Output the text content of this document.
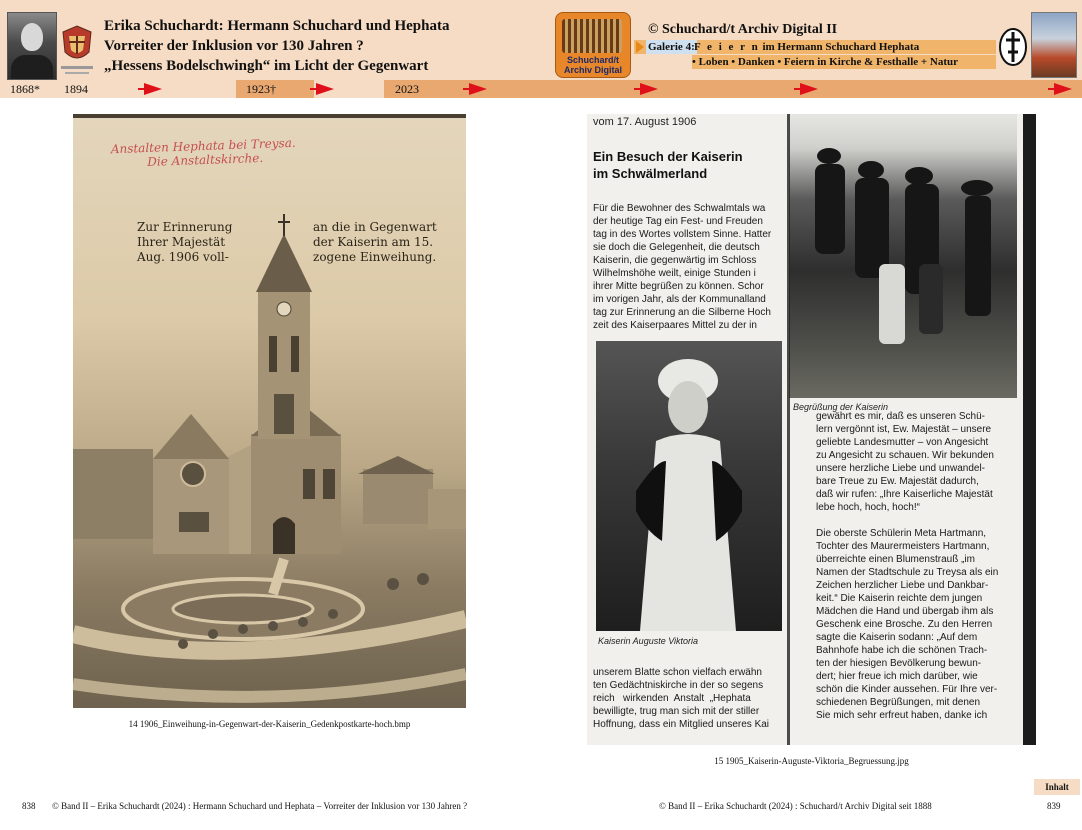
Erika Schuchardt: Hermann Schuchard und Hephata
Vorreiter der Inklusion vor 130 Jahren ?
„Hessens Bodelschwingh“ im Licht der Gegenwart	Schuchard/t
Archiv Digital
© Schuchard/t Archiv Digital II
Galerie 4: F e i e r n im Hermann Schuchard Hephata
• Loben • Danken • Feiern in Kirche & Festhalle + Natur
1868* 1894	1923†	2023
Anstalten Hephata bei Treysa.
Die Anstaltskirche.
Zur Erinnerung
Ihrer Majestät
Aug. 1906 voll-
an die in Gegenwart
der Kaiserin am 15.
zogene Einweihung.
14 1906_Einweihung-in-Gegenwart-der-Kaiserin_Gedenkpostkarte-hoch.bmp
vom 17. August 1906
Ein Besuch der Kaiserin
im Schwälmerland
Für die Bewohner des Schwalmtals wa
der heutige Tag ein Fest- und Freuden
tag in des Wortes vollstem Sinne. Hatter
sie doch die Gelegenheit, die deutsch
Kaiserin, die gegenwärtig im Schloss
Wilhelmshöhe weilt, einige Stunden i
ihrer Mitte begrüßen zu können. Schor
im vorigen Jahr, als der Kommunalland
tag zur Erinnerung an die Silberne Hoch
zeit des Kaiserpaares Mittel zu der in
Begrüßung der Kaiserin
Kaiserin Auguste Viktoria
unserem Blatte schon vielfach erwähn
ten Gedächtniskirche in der so segens
reich   wirkenden  Anstalt  „Hephata
bewilligte, trug man sich mit der stiller
Hoffnung, dass ein Mitglied unseres Kai
gewährt es mir, daß es unseren Schü-
lern vergönnt ist, Ew. Majestät – unsere
geliebte Landesmutter – von Angesicht
zu Angesicht zu schauen. Wir bekunden
unsere herzliche Liebe und unwandel-
bare Treue zu Ew. Majestät dadurch,
daß wir rufen: „Ihre Kaiserliche Majestät
lebe hoch, hoch, hoch!“

Die oberste Schülerin Meta Hartmann,
Tochter des Maurermeisters Hartmann,
überreichte einen Blumenstrauß „im
Namen der Stadtschule zu Treysa als ein
Zeichen herzlicher Liebe und Dankbar-
keit.“ Die Kaiserin reichte dem jungen
Mädchen die Hand und übergab ihm als
Geschenk eine Brosche. Zu den Herren
sagte die Kaiserin sodann: „Auf dem
Bahnhofe habe ich die schönen Trach-
ten der hiesigen Bevölkerung bewun-
dert; hier freue ich mich darüber, wie
schön die Kinder aussehen. Für Ihre ver-
schiedenen Begrüßungen, mit denen
Sie mich sehr erfreut haben, danke ich
15 1905_Kaiserin-Auguste-Viktoria_Begruessung.jpg
Inhalt
838 © Band II – Erika Schuchardt (2024) : Hermann Schuchard und Hephata – Vorreiter der Inklusion vor 130 Jahren ?	© Band II – Erika Schuchardt (2024) : Schuchard/t Archiv Digital seit 1888	839
